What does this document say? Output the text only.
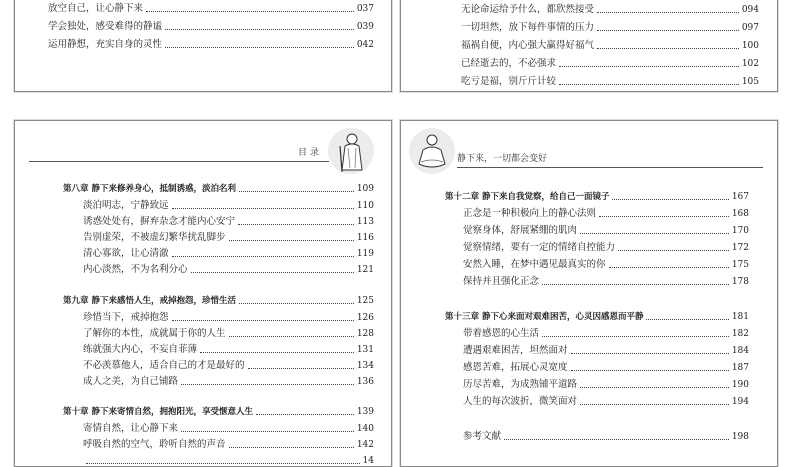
放空自己，让心静下来	037
学会独处，感受难得的静谧	039
运用静想，充实自身的灵性	042
无论命运给予什么，都欣然接受	094
一切坦然，放下每件事情的压力	097
福祸自便，内心强大赢得好福气	100
已经逝去的，不必强求	102
吃亏是福，别斤斤计较	105
目 录
第八章 静下来修养身心，抵制诱惑，淡泊名利	109
淡泊明志，宁静致远	110
诱惑处处有，摒弃杂念才能内心安宁	113
告别虚荣，不被虚幻繁华扰乱脚步	116
清心寡欲，让心清澈	119
内心淡然，不为名利分心	121
第九章 静下来感悟人生，戒掉抱怨，珍惜生活	125
珍惜当下，戒掉抱怨	126
了解你的本性，成就属于你的人生	128
练就强大内心，不妄自菲薄	131
不必羡慕他人，适合自己的才是最好的	134
成人之美，为自己铺路	136
第十章 静下来寄情自然，拥抱阳光，享受惬意人生	139
寄情自然，让心静下来	140
呼吸自然的空气，聆听自然的声音	142
14
静下来，一切都会变好
第十二章 静下来自我觉察，给自己一面镜子	167
正念是一种积极向上的静心法则	168
觉察身体，舒展紧绷的肌肉	170
觉察情绪，要有一定的情绪自控能力	172
安然入睡，在梦中遇见最真实的你	175
保持并且强化正念	178
第十三章 静下心来面对艰难困苦，心灵因感恩而平静	181
带着感恩的心生活	182
遭遇艰难困苦，坦然面对	184
感恩苦难，拓展心灵宽度	187
历尽苦难，为成熟铺平道路	190
人生的每次波折，微笑面对	194
参考文献	198
